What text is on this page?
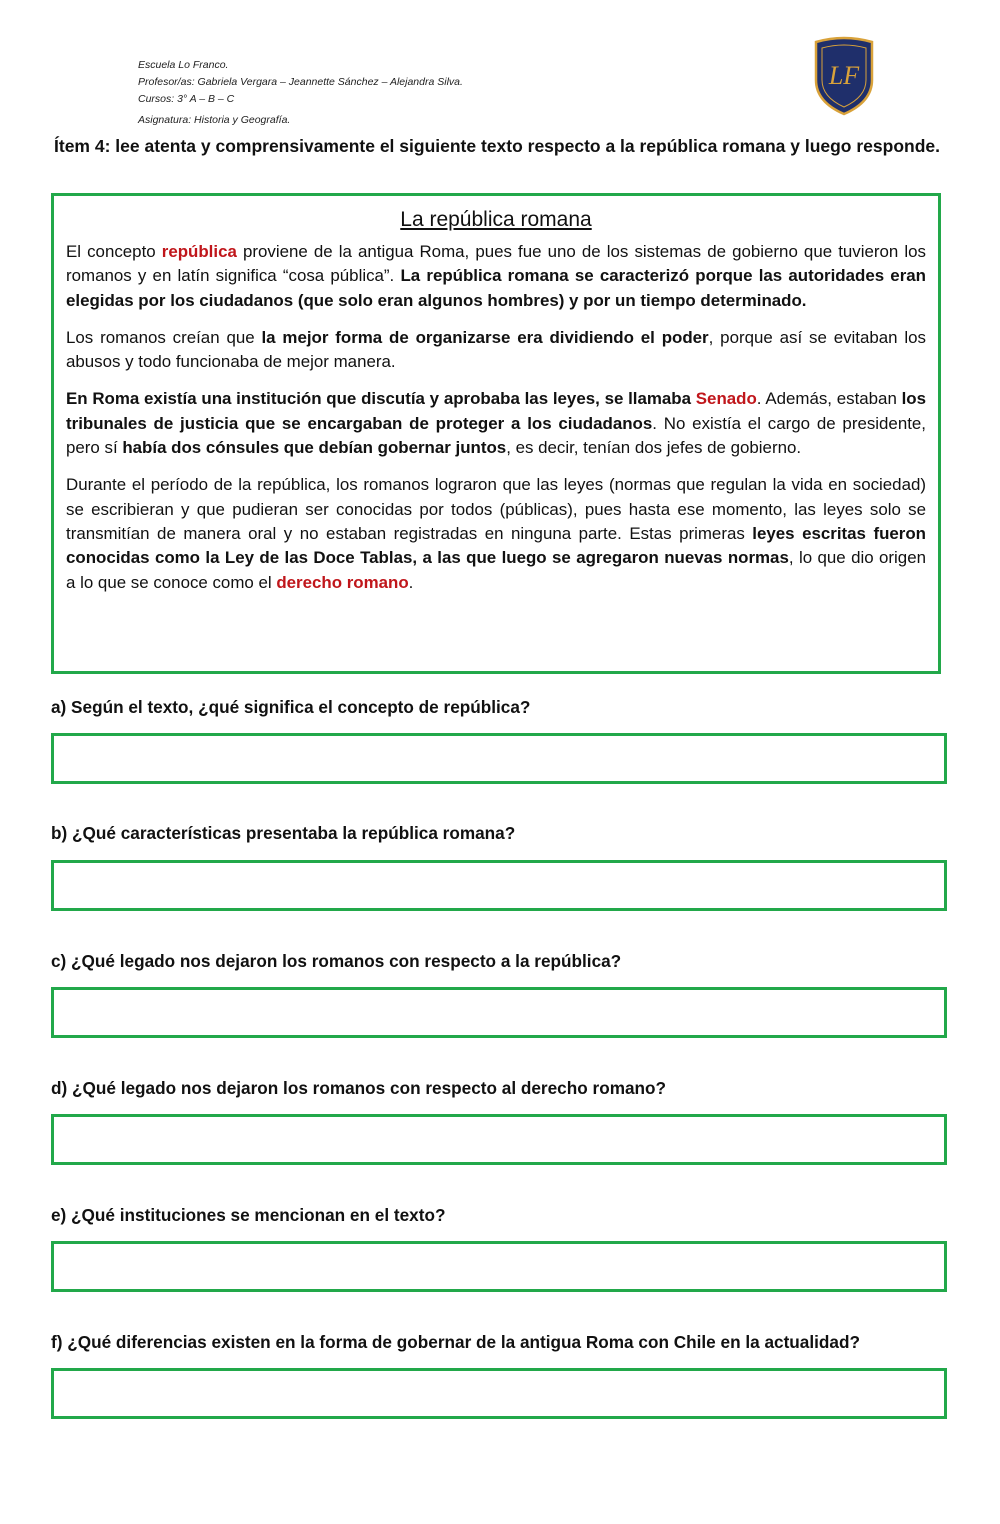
Escuela Lo Franco.
Profesor/as: Gabriela Vergara – Jeannette Sánchez – Alejandra Silva.
Cursos: 3° A – B – C
Asignatura: Historia y Geografía.
LF
Ítem 4: lee atenta y comprensivamente el siguiente texto respecto a la república romana y luego responde.
La república romana

El concepto república proviene de la antigua Roma, pues fue uno de los sistemas de gobierno que tuvieron los romanos y en latín significa “cosa pública”. La república romana se caracterizó porque las autoridades eran elegidas por los ciudadanos (que solo eran algunos hombres) y por un tiempo determinado.

Los romanos creían que la mejor forma de organizarse era dividiendo el poder, porque así se evitaban los abusos y todo funcionaba de mejor manera.

En Roma existía una institución que discutía y aprobaba las leyes, se llamaba Senado. Además, estaban los tribunales de justicia que se encargaban de proteger a los ciudadanos. No existía el cargo de presidente, pero sí había dos cónsules que debían gobernar juntos, es decir, tenían dos jefes de gobierno.

Durante el período de la república, los romanos lograron que las leyes (normas que regulan la vida en sociedad) se escribieran y que pudieran ser conocidas por todos (públicas), pues hasta ese momento, las leyes solo se transmitían de manera oral y no estaban registradas en ninguna parte. Estas primeras leyes escritas fueron conocidas como la Ley de las Doce Tablas, a las que luego se agregaron nuevas normas, lo que dio origen a lo que se conoce como el derecho romano.

a) Según el texto, ¿qué significa el concepto de república?
b) ¿Qué características presentaba la república romana?
c) ¿Qué legado nos dejaron los romanos con respecto a la república?
d) ¿Qué legado nos dejaron los romanos con respecto al derecho romano?
e) ¿Qué instituciones se mencionan en el texto?
f) ¿Qué diferencias existen en la forma de gobernar de la antigua Roma con Chile en la actualidad?
